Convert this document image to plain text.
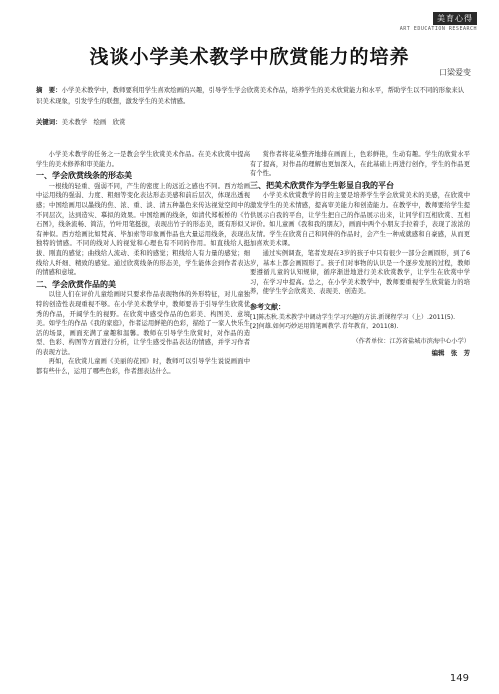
美育心得
ART EDUCATION RESEARCH
浅谈小学美术教学中欣赏能力的培养
口梁爱变
摘　要：小学美术教学中，教师要利用学生喜欢绘画的兴趣，引导学生学会欣赏美术作品，培养学生的美术欣赏能力和水平，帮助学生以不同的形象来认识美术现象，引发学生的联想，激发学生的美术情感。
关键词：美术教学　绘画　欣赏

小学美术教学的任务之一是教会学生欣赏美术作品。在美术欣赏中提高学生的美术修养和审美能力。

一、学会欣赏线条的形态美

一根线的轻重、强弱不同，产生的密度上的远近之感也不同。西方绘画中运用线的强弱、力度、粗细等变化表达形态美感和前后层次，体现出透视感；中国绘画用以墨线的焦、浓、重、淡、清五种墨色来传达视觉空间中的不同层次，达到造实、摹拟的效果。中国绘画的线条，如清代郑板桥的《竹石图》，线条流畅、简洁，竹叶用笔挺拔，表现出竹子的形态美，既有形似又有神似。西方绘画比如梵高、毕加索等印象画作品也大量运用线条，表现出独特的情感。不同的线对人的视觉和心理也有不同的作用。如直线给人挺拔、刚直的感觉；曲线给人流动、柔和的感觉；粗线给人有力量的感觉；细线给人纤细、精致的感觉。通过欣赏线条的形态美，学生能体会到作者表达的情感和意境。

二、学会欣赏作品的美

以往人们在评价儿童绘画时只要求作品表现物体的外形特征，对儿童独特的创造性表现重视不够。在小学美术教学中，教师要善于引导学生欣赏优秀的作品，开阔学生的视野。在欣赏中感受作品的色彩美、构图美、意境美。如学生的作品《我的家庭》，作者运用鲜艳的色彩，描绘了一家人快乐生活的场景，画面充满了童趣和温馨。教师在引导学生欣赏时，对作品的造型、色彩、构图等方面进行分析，让学生感受作品表达的情感，并学习作者的表现方法。

再如，在欣赏儿童画《美丽的花园》时，教师可以引导学生说说画面中都有些什么，运用了哪些色彩，作者想表达什么。

赏作者将花朵整齐地排在画面上，色彩鲜艳，生动有趣。学生的欣赏水平有了提高，对作品的理解也更加深入，在此基础上再进行创作，学生的作品更有个性。

三、把美术欣赏作为学生彰显自我的平台

小学美术欣赏教学的目的主要是培养学生学会欣赏美术的美感，在欣赏中激发学生的美术情感，提高审美能力和创造能力。在教学中，教师要给学生提供展示自我的平台，让学生把自己的作品展示出来，让同学们互相欣赏、互相评价。如儿童画《我和我的朋友》，画面中两个小朋友手拉着手，表现了浓浓的友情。学生在欣赏自己和同伴的作品时，会产生一种成就感和自豪感，从而更加喜欢美术课。

通过实例调查，笔者发现在3岁的孩子中只有很少一部分会画圆形，到了6岁，基本上都会画圆形了。孩子们对事物的认识是一个逐步发展的过程，教师要遵循儿童的认知规律，循序渐进地进行美术欣赏教学，让学生在欣赏中学习，在学习中提高。总之，在小学美术教学中，教师要重视学生欣赏能力的培养，使学生学会欣赏美、表现美、创造美。

参考文献：
[1]陈杰秋.美术教学中调动学生学习兴趣的方法.新课程学习（上）.2011(5).
[2]何雄.如何巧妙运用简笔画教学.青年教育，2011(8).
（作者单位：江苏省盐城市滨海中心小学）
编辑　张　芳
149
